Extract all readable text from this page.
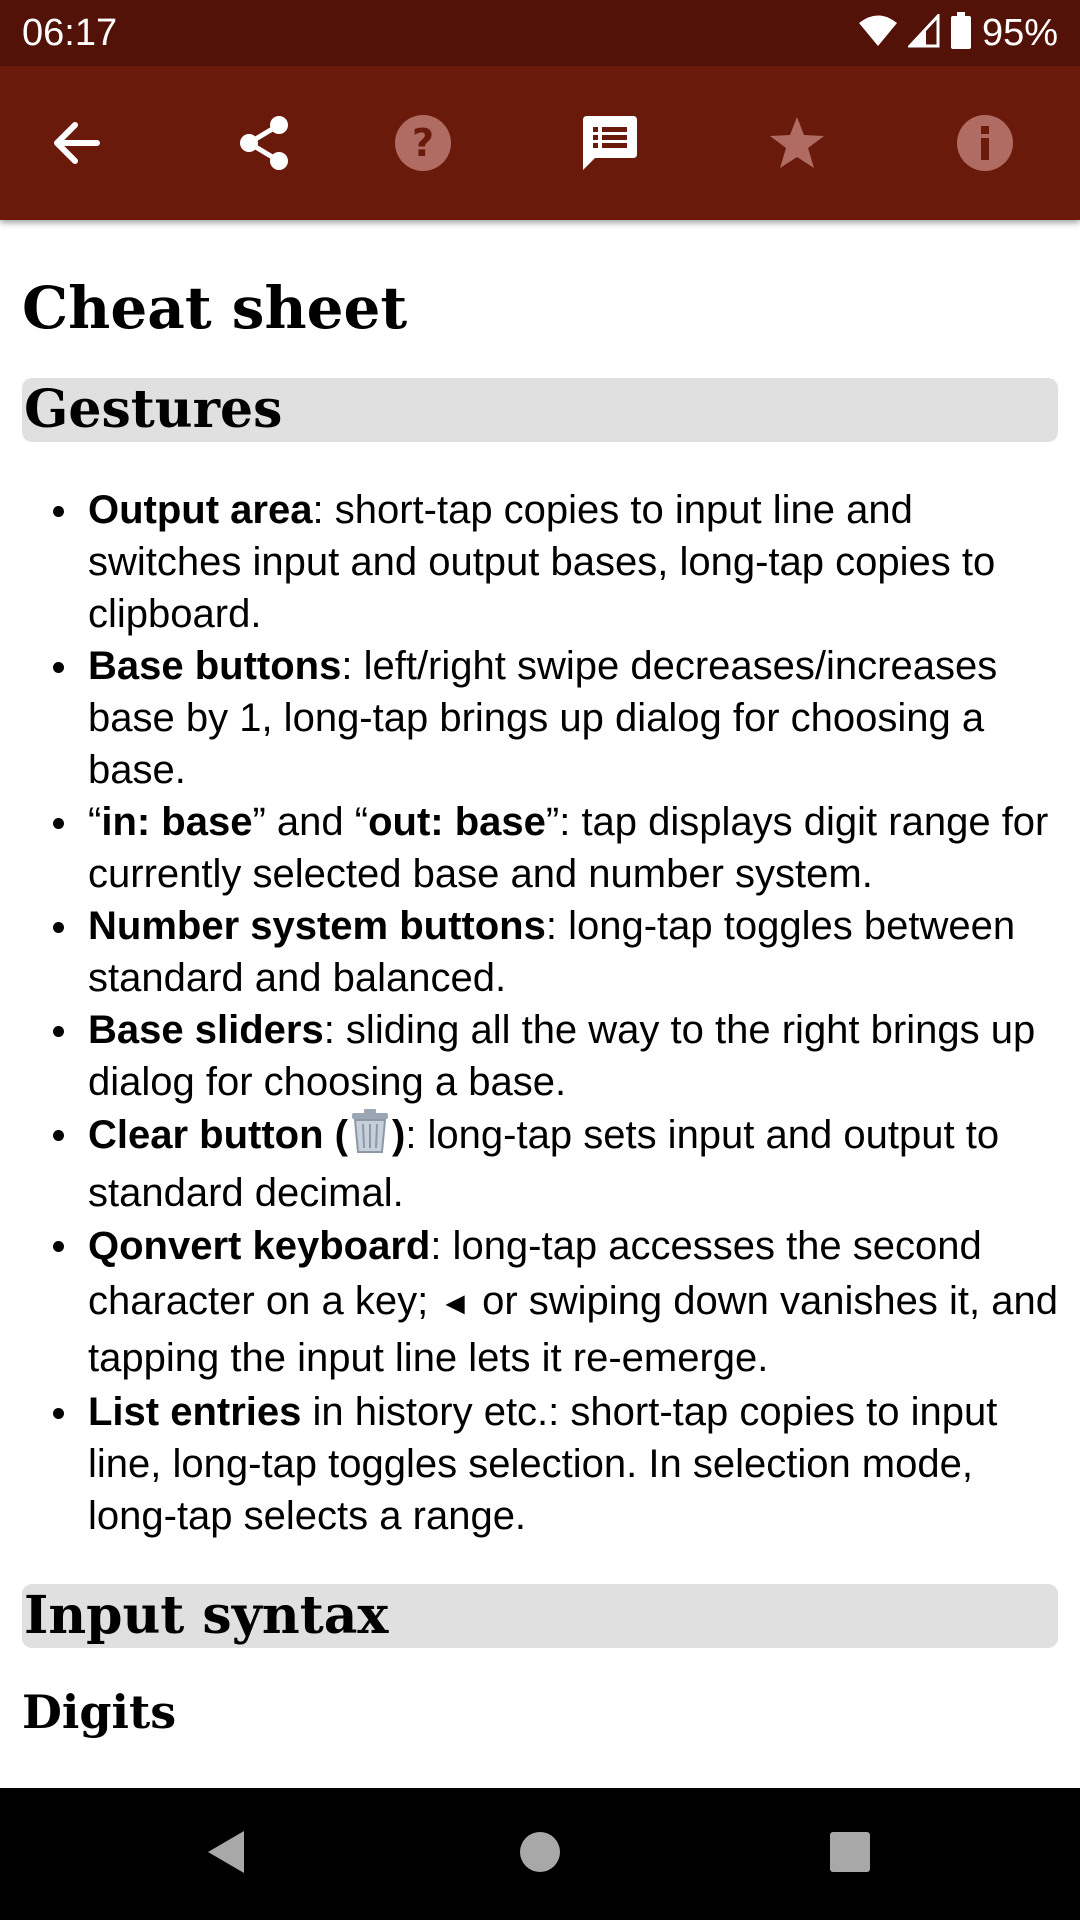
06:17	95%
?
Cheat sheet
Gestures
Output area: short-tap copies to input line and switches input and output bases, long-tap copies to clipboard.
Base buttons: left/right swipe decreases/increases base by 1, long-tap brings up dialog for choosing a base.
“in: base” and “out: base”: tap displays digit range for currently selected base and number system.
Number system buttons: long-tap toggles between standard and balanced.
Base sliders: sliding all the way to the right brings up dialog for choosing a base.
Clear button ( ): long-tap sets input and output to standard decimal.
Qonvert keyboard: long-tap accesses the second character on a key; ◄ or swiping down vanishes it, and tapping the input line lets it re-emerge.
List entries in history etc.: short-tap copies to input line, long-tap toggles selection. In selection mode, long-tap selects a range.
Input syntax
Digits
